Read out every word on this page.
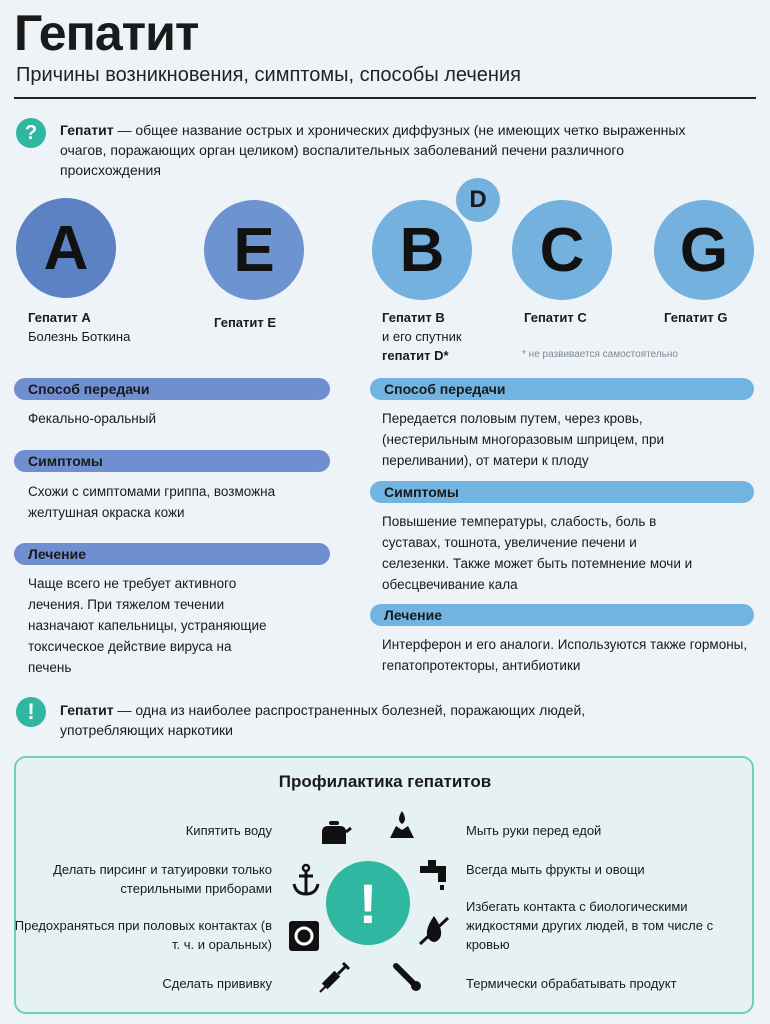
Гепатит
Причины возникновения, симптомы, способы лечения
?	Гепатит — общее название острых и хронических диффузных (не имеющих четко выраженных очагов, поражающих орган целиком) воспалительных заболеваний печени различного происхождения
A	E	B
D
C	G
Гепатит A
Болезнь Боткина
Гепатит E	Гепатит B
и его спутник
гепатит D*
Гепатит C	Гепатит G
* не развивается самостоятельно
Способ передачи
Фекально-оральный
Симптомы
Схожи с симптомами гриппа, возможна желтушная окраска кожи
Лечение
Чаще всего не требует активного лечения. При тяжелом течении назначают капельницы, устраняющие токсическое действие вируса на печень
Способ передачи
Передается половым путем, через кровь, (нестерильным многоразовым шприцем, при переливании), от матери к плоду
Симптомы
Повышение температуры, слабость, боль в суставах, тошнота, увеличение печени и селезенки. Также может быть потемнение мочи и обесцвечивание кала
Лечение
Интерферон и его аналоги. Используются также гормоны, гепатопротекторы, антибиотики
!	Гепатит — одна из наиболее распространенных болезней, поражающих людей, употребляющих наркотики
Профилактика гепатитов
!
Кипятить воду
Делать пирсинг и татуировки только стерильными приборами
Предохраняться при половых контактах (в т. ч. и оральных)
Сделать прививку
Мыть руки перед едой
Всегда мыть фрукты и овощи
Избегать контакта с биологическими жидкостями других людей, в том числе с кровью
Термически обрабатывать продукт
